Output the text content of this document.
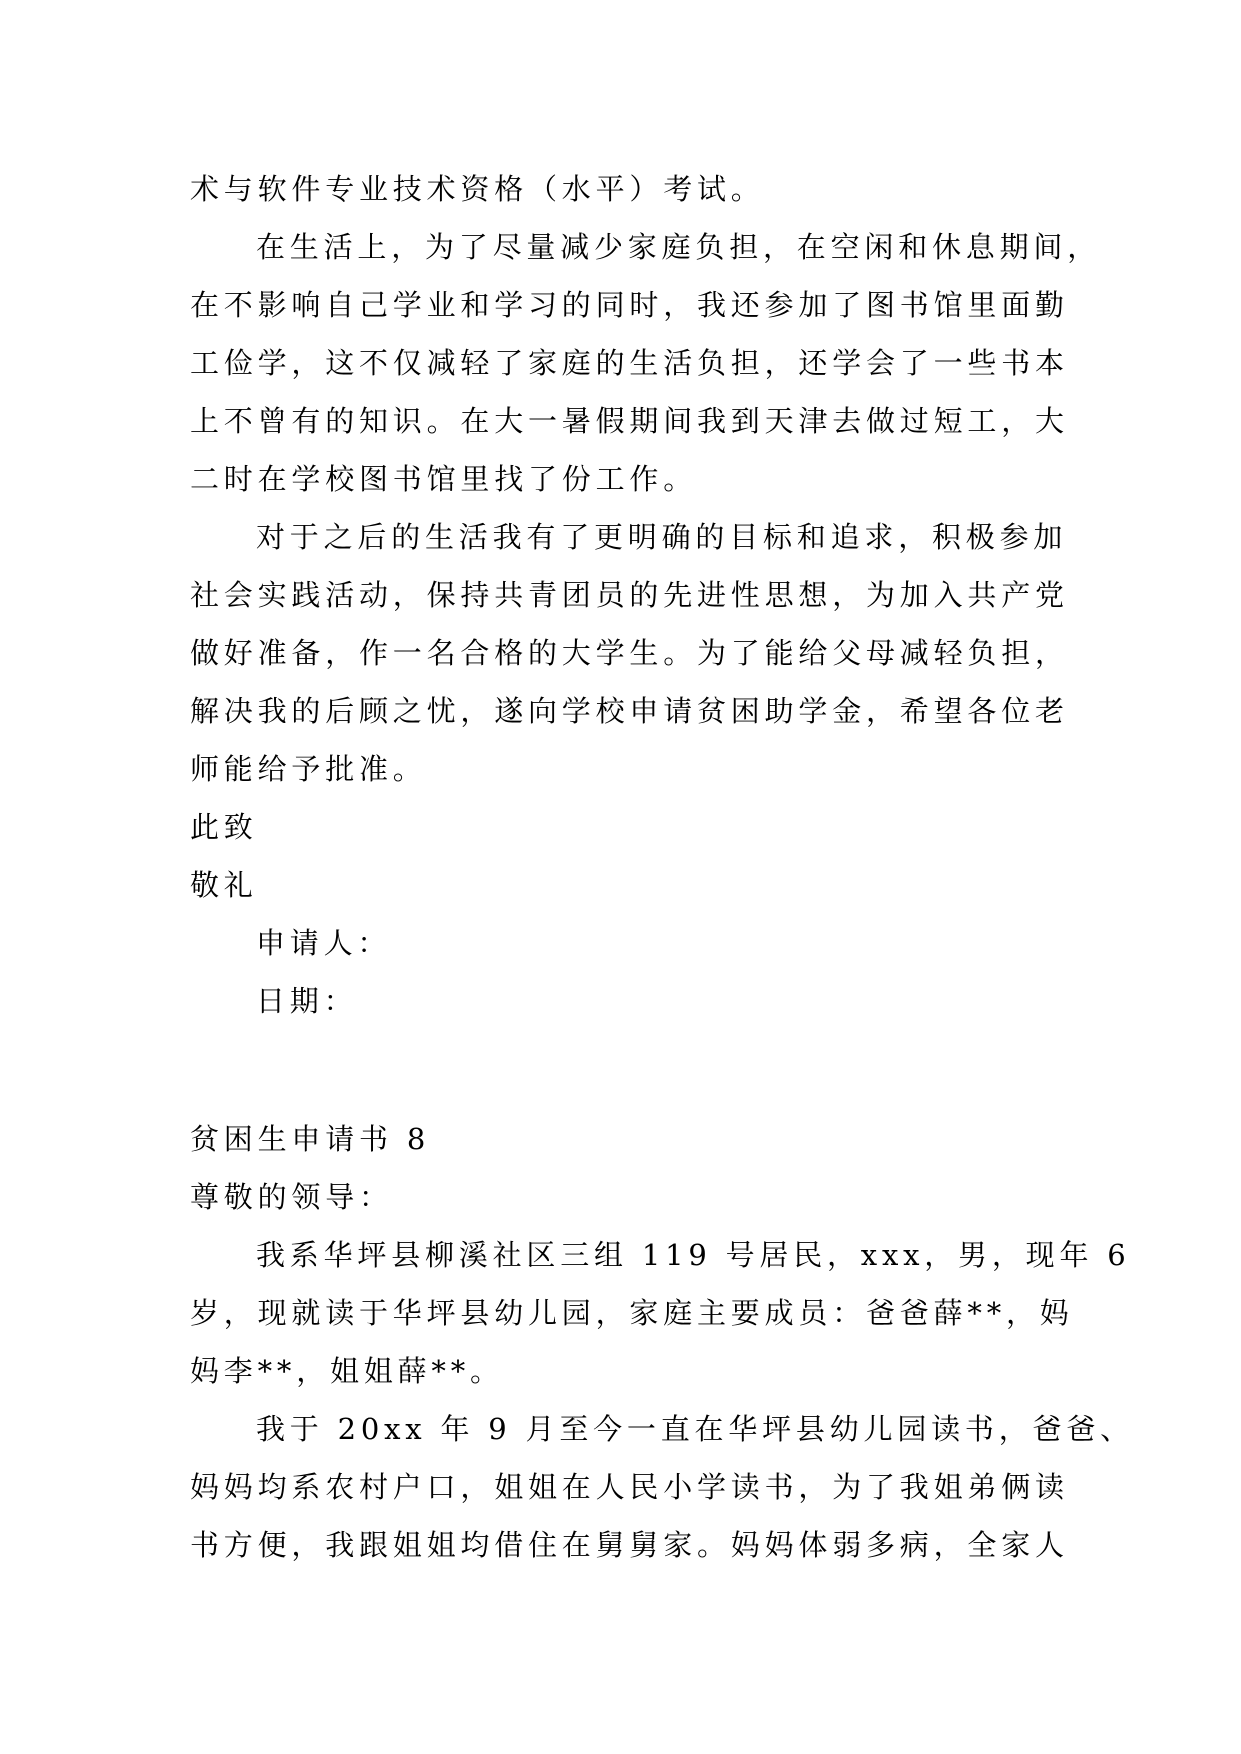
术与软件专业技术资格（水平）考试。
在生活上，为了尽量减少家庭负担，在空闲和休息期间，
在不影响自己学业和学习的同时，我还参加了图书馆里面勤
工俭学，这不仅减轻了家庭的生活负担，还学会了一些书本
上不曾有的知识。在大一暑假期间我到天津去做过短工，大
二时在学校图书馆里找了份工作。
对于之后的生活我有了更明确的目标和追求，积极参加
社会实践活动，保持共青团员的先进性思想，为加入共产党
做好准备，作一名合格的大学生。为了能给父母减轻负担，
解决我的后顾之忧，遂向学校申请贫困助学金，希望各位老
师能给予批准。
此致
敬礼
申请人：
日期：
贫困生申请书 8
尊敬的领导：
我系华坪县柳溪社区三组 119 号居民，xxx，男，现年 6
岁，现就读于华坪县幼儿园，家庭主要成员：爸爸薛**，妈
妈李**，姐姐薛**。
我于 20xx 年 9 月至今一直在华坪县幼儿园读书，爸爸、
妈妈均系农村户口，姐姐在人民小学读书，为了我姐弟俩读
书方便，我跟姐姐均借住在舅舅家。妈妈体弱多病，全家人
